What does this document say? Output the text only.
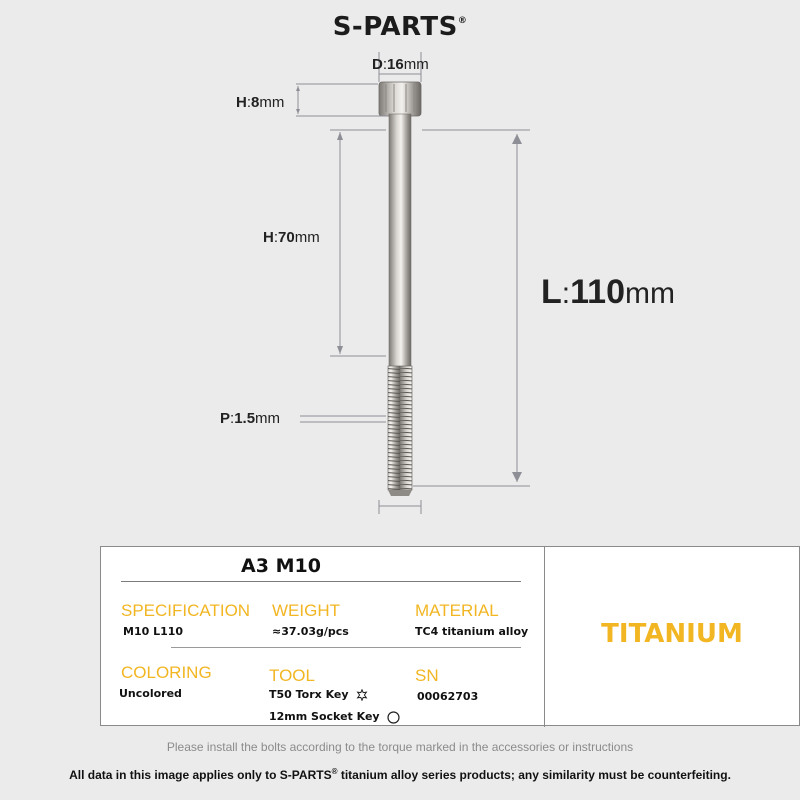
S-PARTS®
D:16mm
H:8mm
H:70mm
P:1.5mm
L:110mm
A3 M10
SPECIFICATION
M10 L110
WEIGHT
≈37.03g/pcs
MATERIAL
TC4 titanium alloy
COLORING
Uncolored
TOOL
T50 Torx Key
12mm Socket Key
SN
00062703
TITANIUM
Please install the bolts according to the torque marked in the accessories or instructions
All data in this image applies only to S-PARTS® titanium alloy series products; any similarity must be counterfeiting.
